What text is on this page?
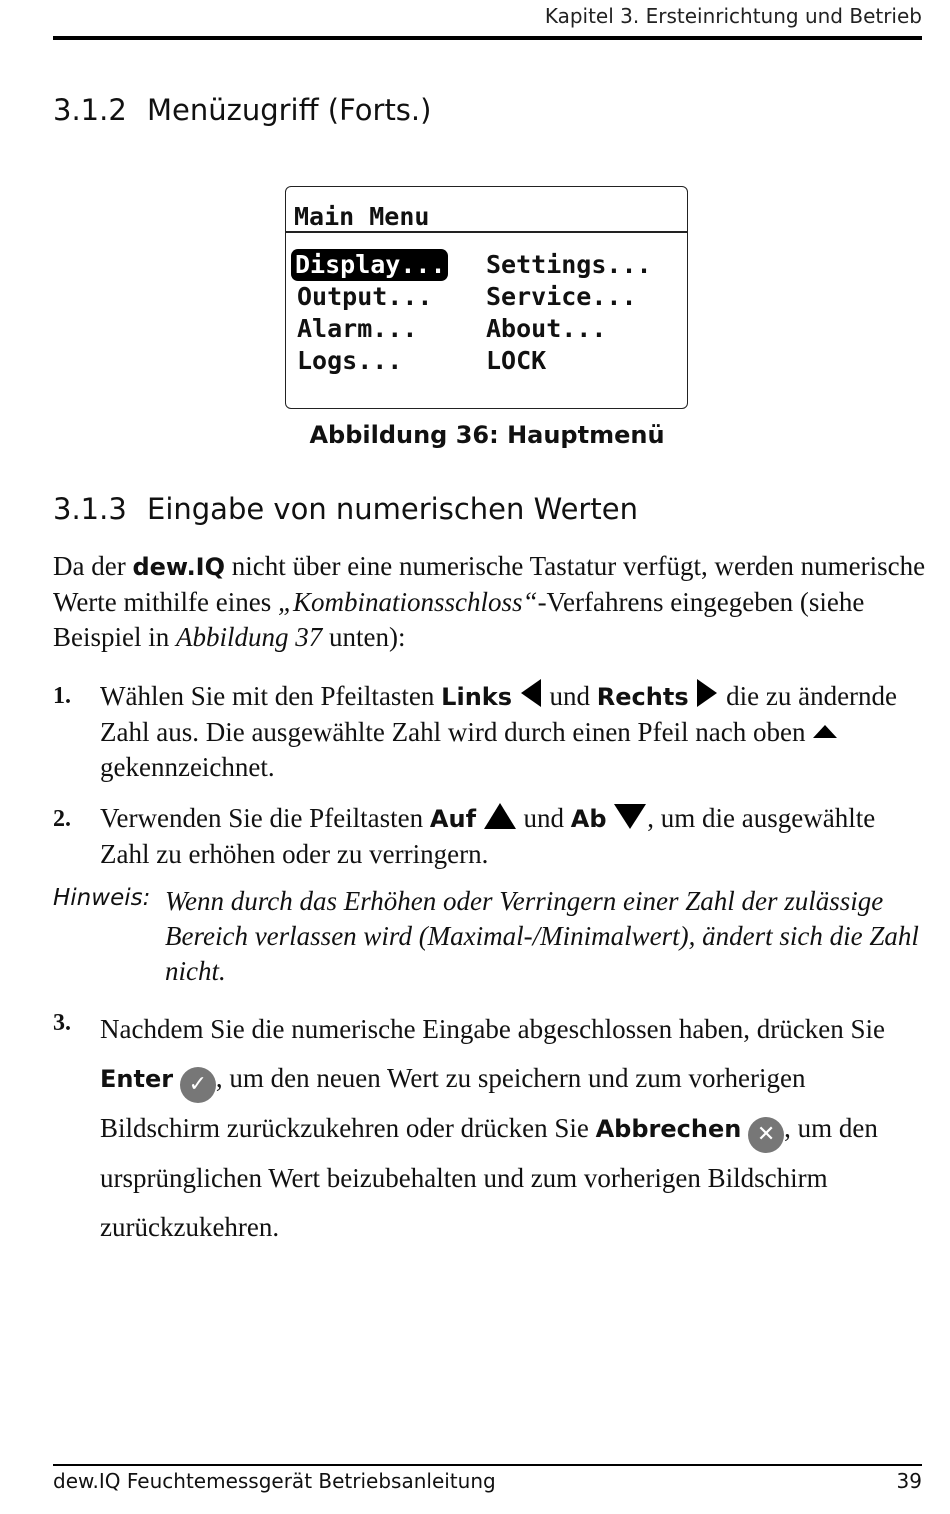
Kapitel 3. Ersteinrichtung und Betrieb
3.1.2 Menüzugriff (Forts.)
Main Menu
Display...
Output...
Alarm...
Logs...
Settings...
Service...
About...
LOCK
Abbildung 36: Hauptmenü
3.1.3 Eingabe von numerischen Werten
Da der dew.IQ nicht über eine numerische Tastatur verfügt, werden numerische Werte mithilfe eines „Kombinationsschloss“-Verfahrens eingegeben (siehe Beispiel in Abbildung 37 unten):
1. Wählen Sie mit den Pfeiltasten Links  und Rechts  die zu ändernde Zahl aus. Die ausgewählte Zahl wird durch einen Pfeil nach oben  gekennzeichnet.
2. Verwenden Sie die Pfeiltasten Auf  und Ab , um die ausgewählte Zahl zu erhöhen oder zu verringern.
Hinweis: Wenn durch das Erhöhen oder Verringern einer Zahl der zulässige Bereich verlassen wird (Maximal-/Minimalwert), ändert sich die Zahl nicht.
3. Nachdem Sie die numerische Eingabe abgeschlossen haben, drücken Sie Enter ✓ , um den neuen Wert zu speichern und zum vorherigen Bildschirm zurückzukehren oder drücken Sie Abbrechen ✕ , um den ursprünglichen Wert beizubehalten und zum vorherigen Bildschirm zurückzukehren.
dew.IQ Feuchtemessgerät Betriebsanleitung	39
